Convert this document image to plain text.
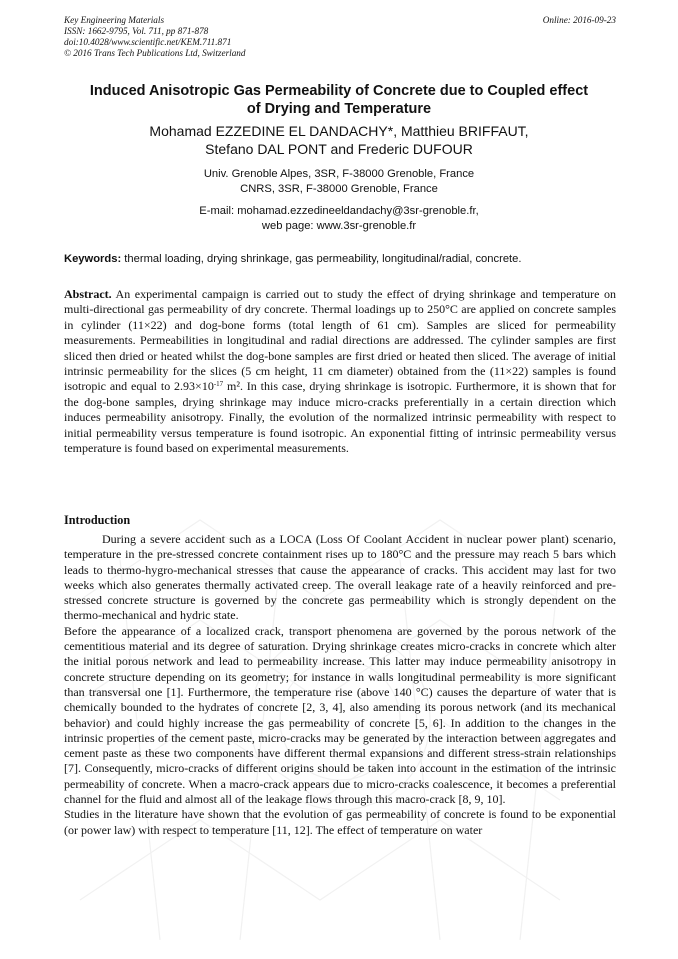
Key Engineering Materials
ISSN: 1662-9795, Vol. 711, pp 871-878
doi:10.4028/www.scientific.net/KEM.711.871
© 2016 Trans Tech Publications Ltd, Switzerland
Online: 2016-09-23
Induced Anisotropic Gas Permeability of Concrete due to Coupled effect
of Drying and Temperature
Mohamad EZZEDINE EL DANDACHY*, Matthieu BRIFFAUT,
Stefano DAL PONT and Frederic DUFOUR
Univ. Grenoble Alpes, 3SR, F-38000 Grenoble, France
CNRS, 3SR, F-38000 Grenoble, France
E-mail: mohamad.ezzedineeldandachy@3sr-grenoble.fr,
web page: www.3sr-grenoble.fr
Keywords: thermal loading, drying shrinkage, gas permeability, longitudinal/radial, concrete.
Abstract. An experimental campaign is carried out to study the effect of drying shrinkage and temperature on multi-directional gas permeability of dry concrete. Thermal loadings up to 250°C are applied on concrete samples in cylinder (11×22) and dog-bone forms (total length of 61 cm). Samples are sliced for permeability measurements. Permeabilities in longitudinal and radial directions are addressed. The cylinder samples are first sliced then dried or heated whilst the dog-bone samples are first dried or heated then sliced. The average of initial intrinsic permeability for the slices (5 cm height, 11 cm diameter) obtained from the (11×22) samples is found isotropic and equal to $2.93\times 10^{-17}$ m². In this case, drying shrinkage is isotropic. Furthermore, it is shown that for the dog-bone samples, drying shrinkage may induce micro-cracks preferentially in a certain direction which induces permeability anisotropy. Finally, the evolution of the normalized intrinsic permeability with respect to initial permeability versus temperature is found isotropic. An exponential fitting of intrinsic permeability versus temperature is found based on experimental measurements.
Introduction

During a severe accident such as a LOCA (Loss Of Coolant Accident in nuclear power plant) scenario, temperature in the pre-stressed concrete containment rises up to 180°C and the pressure may reach 5 bars which leads to thermo-hygro-mechanical stresses that cause the appearance of cracks. This accident may last for two weeks which also generates thermally activated creep. The overall leakage rate of a heavily reinforced and pre-stressed concrete structure is governed by the concrete gas permeability which is strongly dependent on the thermo-mechanical and hydric state.

Before the appearance of a localized crack, transport phenomena are governed by the porous network of the cementitious material and its degree of saturation. Drying shrinkage creates micro-cracks in concrete which alter the initial porous network and lead to permeability increase. This latter may induce permeability anisotropy in concrete structure depending on its geometry; for instance in walls longitudinal permeability is more significant than transversal one [1]. Furthermore, the temperature rise (above 140 °C) causes the departure of water that is chemically bounded to the hydrates of concrete [2, 3, 4], also amending its porous network (and its mechanical behavior) and could highly increase the gas permeability of concrete [5, 6]. In addition to the changes in the intrinsic properties of the cement paste, micro-cracks may be generated by the interaction between aggregates and cement paste as these two components have different thermal expansions and different stress-strain relationships [7]. Consequently, micro-cracks of different origins should be taken into account in the estimation of the intrinsic permeability of concrete. When a macro-crack appears due to micro-cracks coalescence, it becomes a preferential channel for the fluid and almost all of the leakage flows through this macro-crack [8, 9, 10].

Studies in the literature have shown that the evolution of gas permeability of concrete is found to be exponential (or power law) with respect to temperature [11, 12]. The effect of temperature on water
